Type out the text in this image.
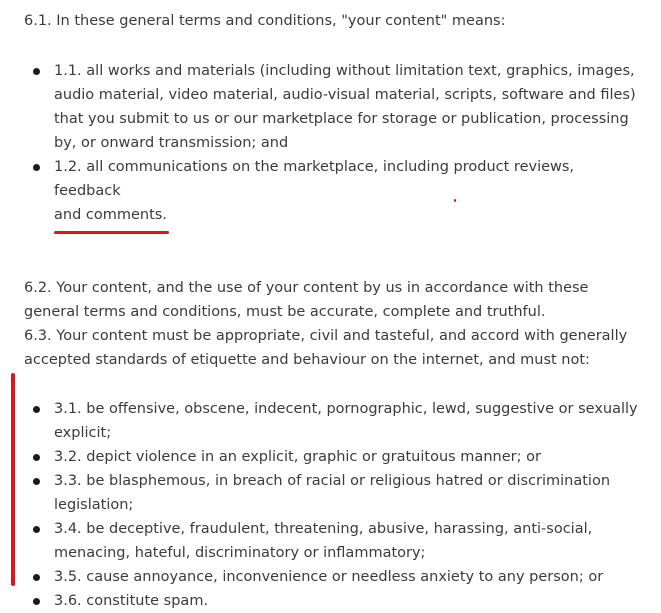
6.1. In these general terms and conditions, "your content" means:

1.1. all works and materials (including without limitation text, graphics, images, audio material, video material, audio-visual material, scripts, software and files) that you submit to us or our marketplace for storage or publication, processing by, or onward transmission; and
1.2. all communications on the marketplace, including product reviews, feedback

and comments.

6.2. Your content, and the use of your content by us in accordance with these general terms and conditions, must be accurate, complete and truthful.

6.3. Your content must be appropriate, civil and tasteful, and accord with generally accepted standards of etiquette and behaviour on the internet, and must not:

3.1. be offensive, obscene, indecent, pornographic, lewd, suggestive or sexually explicit;
3.2. depict violence in an explicit, graphic or gratuitous manner; or
3.3. be blasphemous, in breach of racial or religious hatred or discrimination legislation;
3.4. be deceptive, fraudulent, threatening, abusive, harassing, anti-social, menacing, hateful, discriminatory or inflammatory;
3.5. cause annoyance, inconvenience or needless anxiety to any person; or
3.6. constitute spam.
